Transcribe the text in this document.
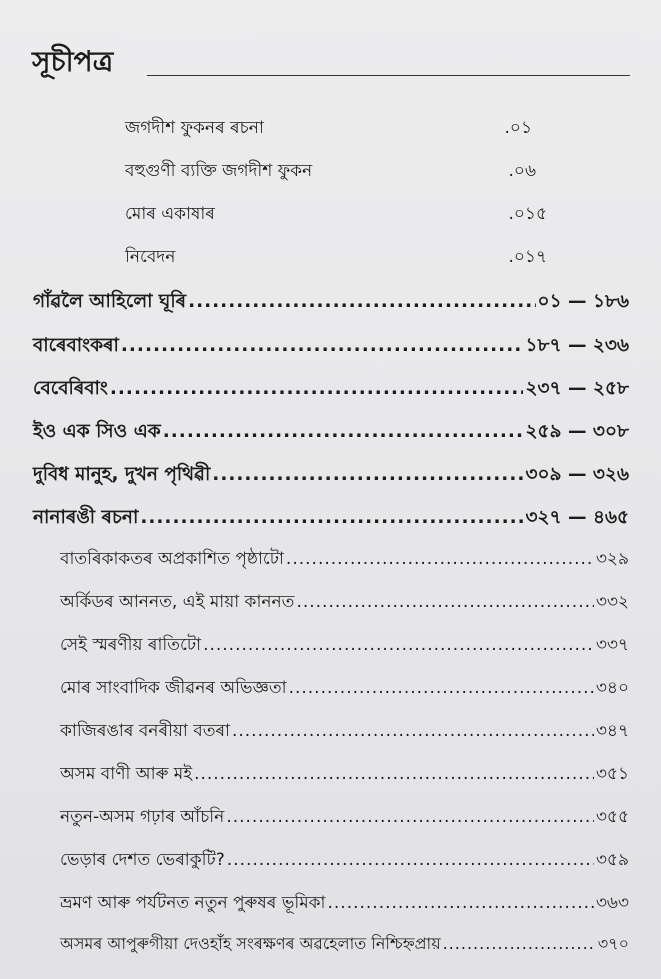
সূচীপত্ৰ
জগদীশ ফুকনৰ ৰচনা	.০১
বহুগুণী ব্যক্তি জগদীশ ফুকন	.০৬
মোৰ একাষাৰ	.০১৫
নিবেদন	.০১৭
গাঁৱলৈ আহিলো ঘূৰি .....	০১ — ১৮৬
বাৰেবাংকৰা .....	১৮৭ — ২৩৬
বেবেৰিবাং .....	২৩৭ — ২৫৮
ইও এক সিও এক .....	২৫৯ — ৩০৮
দুবিধ মানুহ, দুখন পৃথিৱী .....	৩০৯ — ৩২৬
নানাৰঙী ৰচনা .....	৩২৭ — ৪৬৫
বাতৰিকাকতৰ অপ্ৰকাশিত পৃষ্ঠাটো .....	৩২৯
অৰ্কিডৰ আননত, এই মায়া কাননত .....	৩৩২
সেই স্মৰণীয় ৰাতিটো .....	৩৩৭
মোৰ সাংবাদিক জীৱনৰ অভিজ্ঞতা .....	৩৪০
কাজিৰঙাৰ বনৰীয়া বতৰা .....	৩৪৭
অসম বাণী আৰু মই .....	৩৫১
নতুন-অসম গঢ়াৰ আঁচনি .....	৩৫৫
ভেড়াৰ দেশত ভেৰাকুটি? .....	৩৫৯
ভ্ৰমণ আৰু পৰ্যটনত নতুন পুৰুষৰ ভূমিকা .....	৩৬৩
অসমৰ আপুৰুগীয়া দেওহাঁহ সংৰক্ষণৰ অৱহেলাত নিশ্চিহ্নপ্ৰায় .....	৩৭০
